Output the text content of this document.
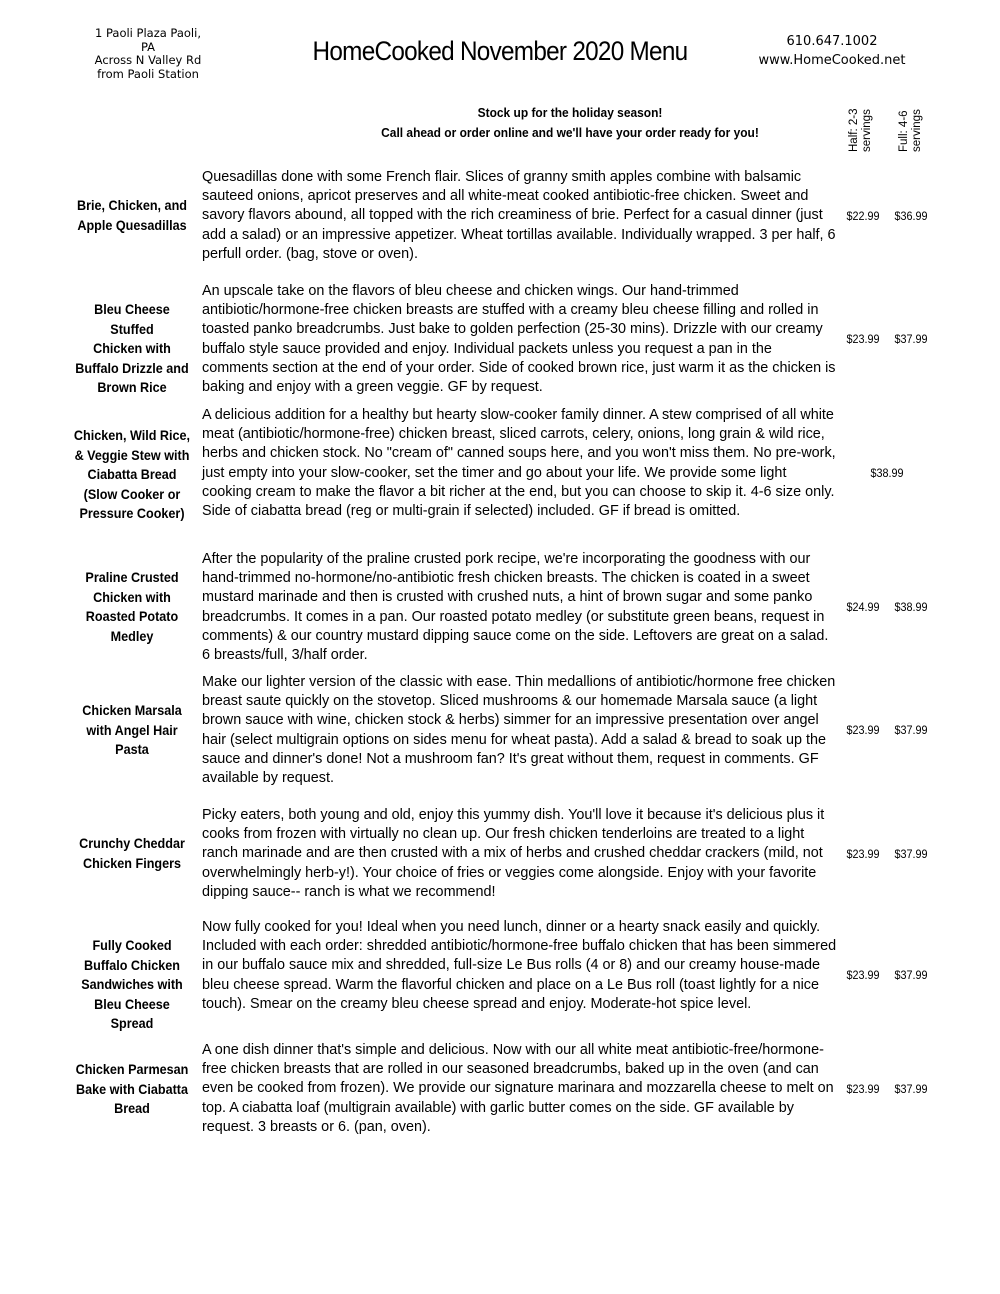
1 Paoli Plaza Paoli,
PA
Across N Valley Rd
from Paoli Station
HomeCooked November 2020 Menu	610.647.1002
www.HomeCooked.net
Stock up for the holiday season!
Call ahead or order online and we'll have your order ready for you!	Half: 2-3 servings Full: 4-6 servings
Brie, Chicken, and
Apple Quesadillas
Quesadillas done with some French flair. Slices of granny smith apples combine with balsamic sauteed onions, apricot preserves and all white-meat cooked antibiotic-free chicken. Sweet and savory flavors abound, all topped with the rich creaminess of brie. Perfect for a casual dinner (just add a salad) or an impressive appetizer. Wheat tortillas available. Individually wrapped. 3 per half, 6 perfull order. (bag, stove or oven).
$22.99	$36.99
Bleu Cheese Stuffed
Chicken with
Buffalo Drizzle and
Brown Rice
An upscale take on the flavors of bleu cheese and chicken wings. Our hand-trimmed antibiotic/hormone-free chicken breasts are stuffed with a creamy bleu cheese filling and rolled in toasted panko breadcrumbs. Just bake to golden perfection (25-30 mins). Drizzle with our creamy buffalo style sauce provided and enjoy. Individual packets unless you request a pan in the comments section at the end of your order. Side of cooked brown rice, just warm it as the chicken is baking and enjoy with a green veggie. GF by request.
$23.99	$37.99
Chicken, Wild Rice,
& Veggie Stew with
Ciabatta Bread
(Slow Cooker or
Pressure Cooker)
A delicious addition for a healthy but hearty slow-cooker family dinner. A stew comprised of all white meat (antibiotic/hormone-free) chicken breast, sliced carrots, celery, onions, long grain & wild rice, herbs and chicken stock. No "cream of" canned soups here, and you won't miss them. No pre-work, just empty into your slow-cooker, set the timer and go about your life. We provide some light cooking cream to make the flavor a bit richer at the end, but you can choose to skip it. 4-6 size only. Side of ciabatta bread (reg or multi-grain if selected) included. GF if bread is omitted.
$38.99
Praline Crusted
Chicken with
Roasted Potato
Medley
After the popularity of the praline crusted pork recipe, we're incorporating the goodness with our hand-trimmed no-hormone/no-antibiotic fresh chicken breasts. The chicken is coated in a sweet mustard marinade and then is crusted with crushed nuts, a hint of brown sugar and some panko breadcrumbs. It comes in a pan. Our roasted potato medley (or substitute green beans, request in comments) & our country mustard dipping sauce come on the side. Leftovers are great on a salad. 6 breasts/full, 3/half order.
$24.99	$38.99
Chicken Marsala
with Angel Hair
Pasta
Make our lighter version of the classic with ease. Thin medallions of antibiotic/hormone free chicken breast saute quickly on the stovetop. Sliced mushrooms & our homemade Marsala sauce (a light brown sauce with wine, chicken stock & herbs) simmer for an impressive presentation over angel hair (select multigrain options on sides menu for wheat pasta). Add a salad & bread to soak up the sauce and dinner's done! Not a mushroom fan? It's great without them, request in comments. GF available by request.
$23.99	$37.99
Crunchy Cheddar
Chicken Fingers
Picky eaters, both young and old, enjoy this yummy dish. You'll love it because it's delicious plus it cooks from frozen with virtually no clean up. Our fresh chicken tenderloins are treated to a light ranch marinade and are then crusted with a mix of herbs and crushed cheddar crackers (mild, not overwhelmingly herb-y!). Your choice of fries or veggies come alongside. Enjoy with your favorite dipping sauce-- ranch is what we recommend!
$23.99	$37.99
Fully Cooked
Buffalo Chicken
Sandwiches with
Bleu Cheese Spread
Now fully cooked for you! Ideal when you need lunch, dinner or a hearty snack easily and quickly. Included with each order: shredded antibiotic/hormone-free buffalo chicken that has been simmered in our buffalo sauce mix and shredded, full-size Le Bus rolls (4 or 8) and our creamy house-made bleu cheese spread. Warm the flavorful chicken and place on a Le Bus roll (toast lightly for a nice touch). Smear on the creamy bleu cheese spread and enjoy. Moderate-hot spice level.
$23.99	$37.99
Chicken Parmesan
Bake with Ciabatta
Bread
A one dish dinner that's simple and delicious. Now with our all white meat antibiotic-free/hormone-free chicken breasts that are rolled in our seasoned breadcrumbs, baked up in the oven (and can even be cooked from frozen). We provide our signature marinara and mozzarella cheese to melt on top. A ciabatta loaf (multigrain available) with garlic butter comes on the side. GF available by request. 3 breasts or 6. (pan, oven).
$23.99	$37.99
